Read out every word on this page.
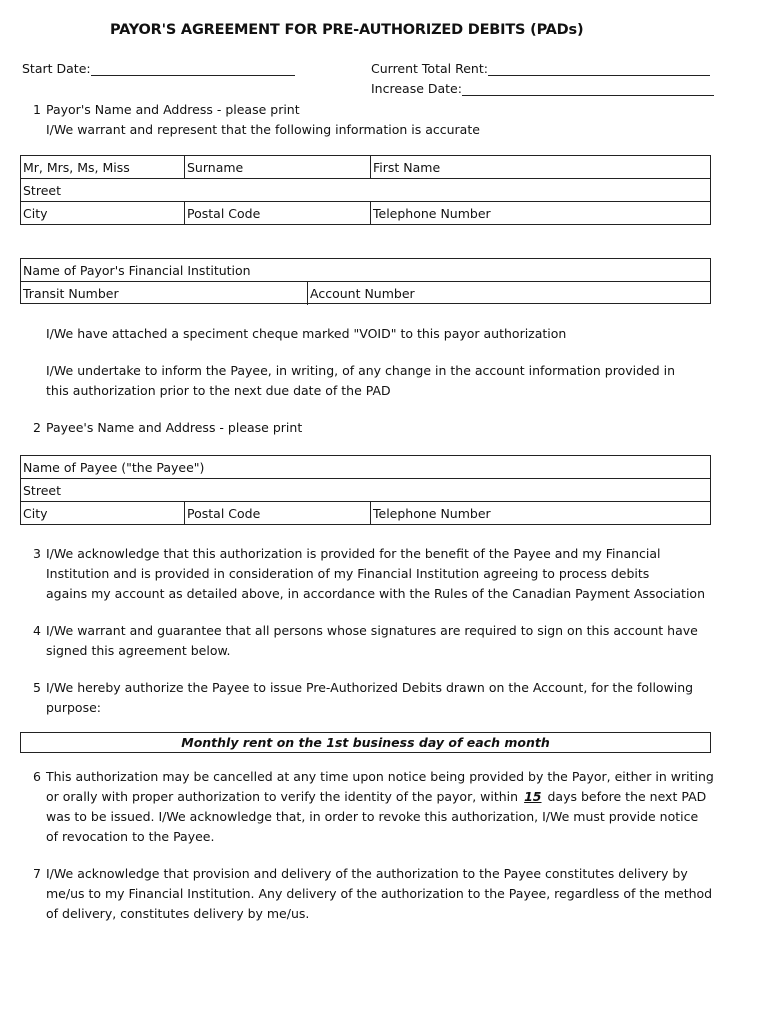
PAYOR'S AGREEMENT FOR PRE-AUTHORIZED DEBITS (PADs)
Start Date:	Current Total Rent:
Increase Date:
1 Payor's Name and Address - please print
I/We warrant and represent that the following information is accurate
Mr, Mrs, Ms, Miss	Surname	First Name
Street
City	Postal Code	Telephone Number
Name of Payor's Financial Institution
Transit Number	Account Number
I/We have attached a speciment cheque marked "VOID" to this payor authorization
I/We undertake to inform the Payee, in writing, of any change in the account information provided in
this authorization prior to the next due date of the PAD
2 Payee's Name and Address - please print
Name of Payee ("the Payee")
Street
City	Postal Code	Telephone Number
3 I/We acknowledge that this authorization is provided for the benefit of the Payee and my Financial
Institution and is provided in consideration of my Financial Institution agreeing to process debits
agains my account as detailed above, in accordance with the Rules of the Canadian Payment Association
4 I/We warrant and guarantee that all persons whose signatures are required to sign on this account have
signed this agreement below.
5 I/We hereby authorize the Payee to issue Pre-Authorized Debits drawn on the Account, for the following
purpose:
Monthly rent on the 1st business day of each month
6 This authorization may be cancelled at any time upon notice being provided by the Payor, either in writing
or orally with proper authorization to verify the identity of the payor, within 15 days before the next PAD
was to be issued. I/We acknowledge that, in order to revoke this authorization, I/We must provide notice
of revocation to the Payee.
7 I/We acknowledge that provision and delivery of the authorization to the Payee constitutes delivery by
me/us to my Financial Institution. Any delivery of the authorization to the Payee, regardless of the method
of delivery, constitutes delivery by me/us.
